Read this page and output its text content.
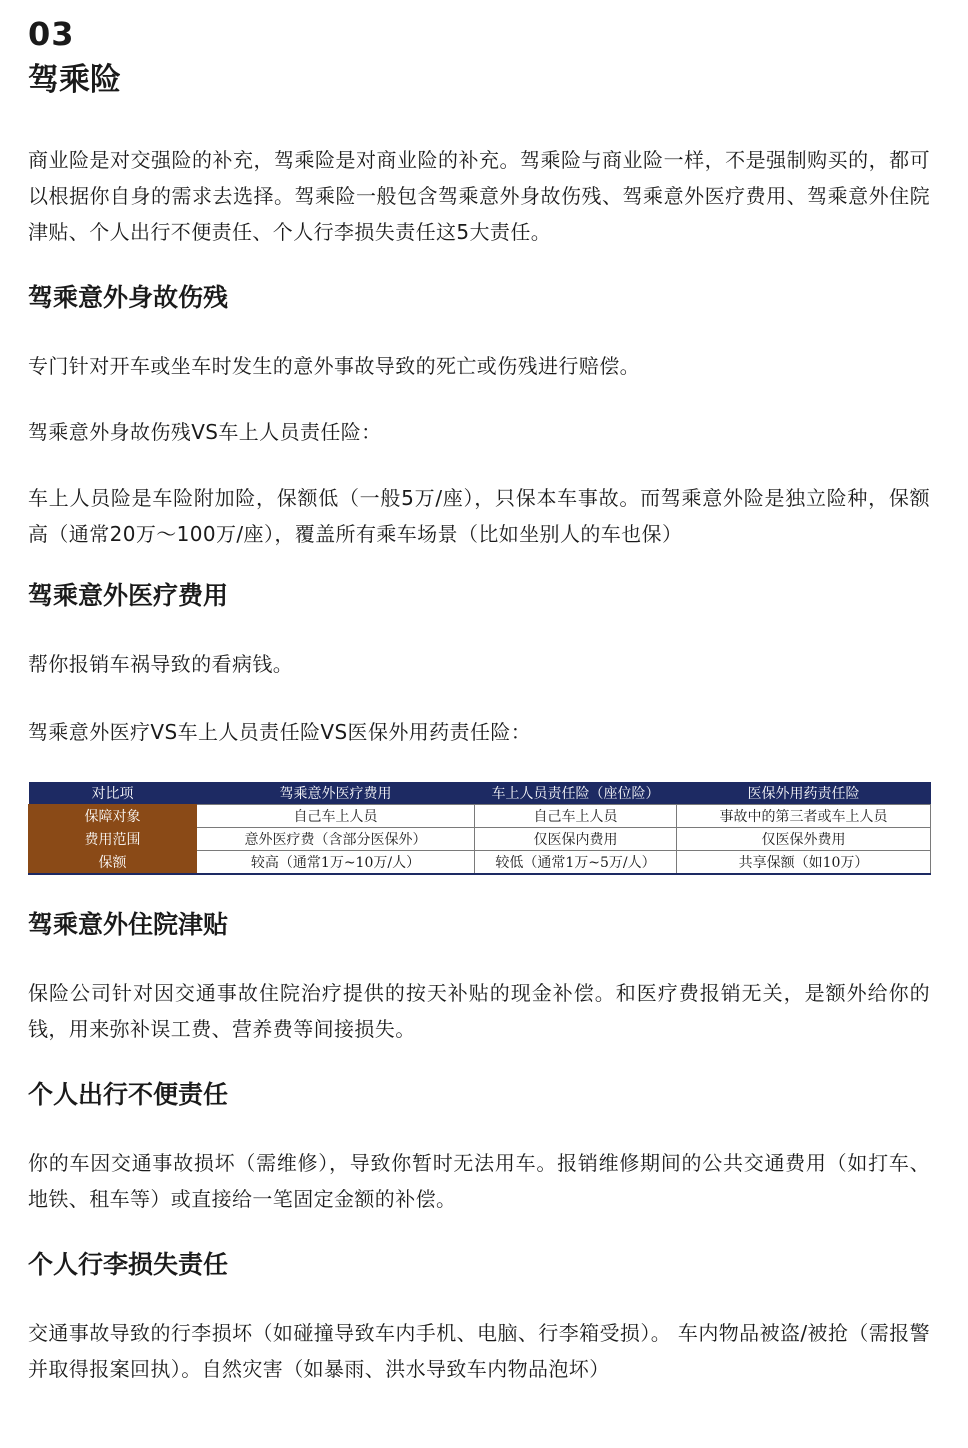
03
驾乘险

商业险是对交强险的补充，驾乘险是对商业险的补充。驾乘险与商业险一样，不是强制购买的，都可以根据你自身的需求去选择。驾乘险一般包含驾乘意外身故伤残、驾乘意外医疗费用、驾乘意外住院津贴、个人出行不便责任、个人行李损失责任这5大责任。

驾乘意外身故伤残

专门针对开车或坐车时发生的意外事故导致的死亡或伤残进行赔偿。

驾乘意外身故伤残VS车上人员责任险：

车上人员险是车险附加险，保额低（一般5万/座），只保本车事故。而驾乘意外险是独立险种，保额高（通常20万～100万/座），覆盖所有乘车场景（比如坐别人的车也保）

驾乘意外医疗费用

帮你报销车祸导致的看病钱。

驾乘意外医疗VS车上人员责任险VS医保外用药责任险：

对比项	驾乘意外医疗费用	车上人员责任险（座位险）	医保外用药责任险
保障对象	自己车上人员	自己车上人员	事故中的第三者或车上人员
费用范围	意外医疗费（含部分医保外）	仅医保内费用	仅医保外费用
保额	较高（通常1万~10万/人）	较低（通常1万~5万/人）	共享保额（如10万）
驾乘意外住院津贴

保险公司针对因交通事故住院治疗提供的按天补贴的现金补偿。和医疗费报销无关，是额外给你的钱，用来弥补误工费、营养费等间接损失。

个人出行不便责任

你的车因交通事故损坏（需维修），导致你暂时无法用车。报销维修期间的公共交通费用（如打车、地铁、租车等）或直接给一笔固定金额的补偿。

个人行李损失责任

交通事故导致的行李损坏（如碰撞导致车内手机、电脑、行李箱受损）。 车内物品被盗/被抢（需报警并取得报案回执）。自然灾害（如暴雨、洪水导致车内物品泡坏）
